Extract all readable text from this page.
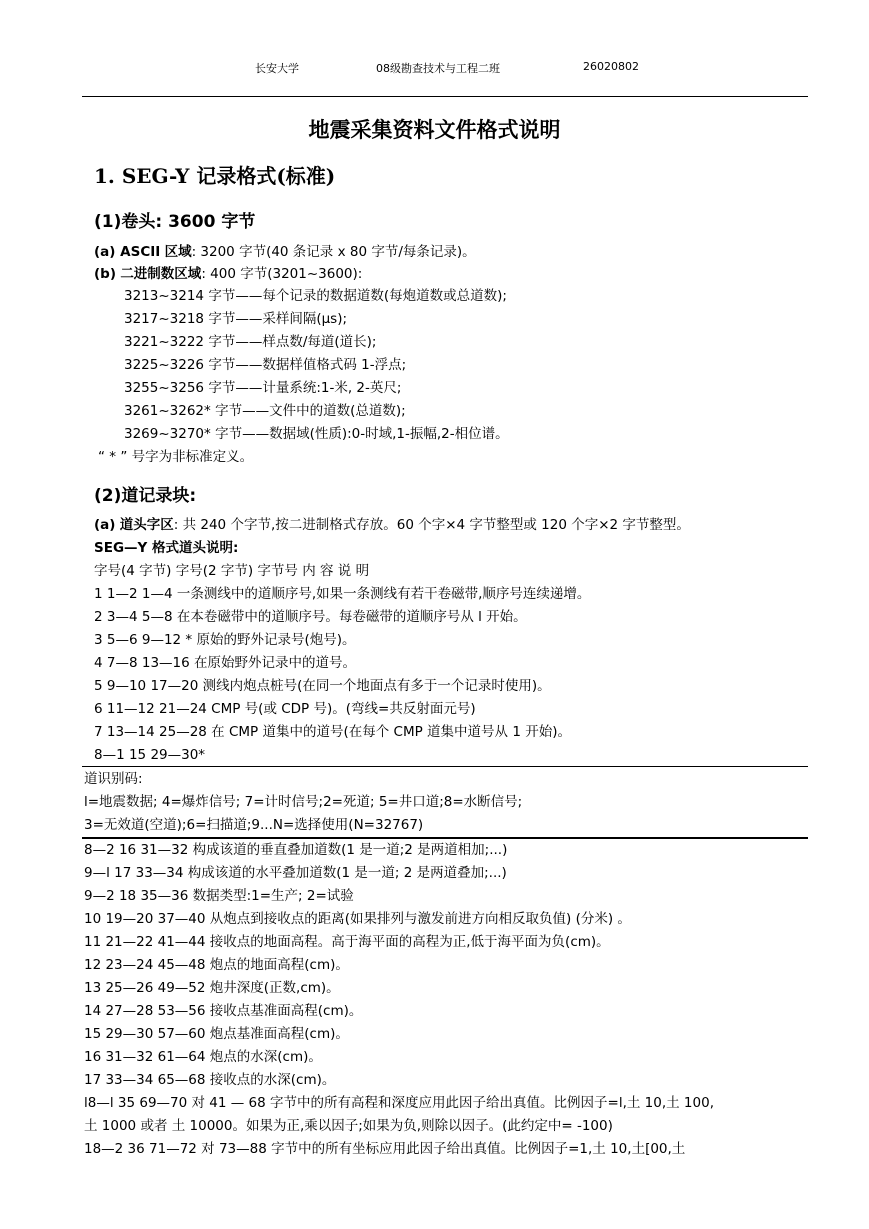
长安大学	08级勘查技术与工程二班	26020802
地震采集资料文件格式说明
1. SEG-Y 记录格式(标准)
(1)卷头: 3600 字节
(a) ASCII 区域: 3200 字节(40 条记录 x 80 字节/每条记录)。
(b) 二进制数区域: 400 字节(3201~3600):
3213~3214 字节——每个记录的数据道数(每炮道数或总道数);
3217~3218 字节——采样间隔(μs);
3221~3222 字节——样点数/每道(道长);
3225~3226 字节——数据样值格式码 1-浮点;
3255~3256 字节——计量系统:1-米, 2-英尺;
3261~3262* 字节——文件中的道数(总道数);
3269~3270* 字节——数据域(性质):0-时域,1-振幅,2-相位谱。
“ * ” 号字为非标准定义。
(2)道记录块:
(a) 道头字区: 共 240 个字节,按二进制格式存放。60 个字×4 字节整型或 120 个字×2 字节整型。
SEG—Y 格式道头说明:
字号(4 字节) 字号(2 字节) 字节号 内 容 说 明
1 1—2 1—4 一条测线中的道顺序号,如果一条测线有若干卷磁带,顺序号连续递增。
2 3—4 5—8 在本卷磁带中的道顺序号。每卷磁带的道顺序号从 l 开始。
3 5—6 9—12 * 原始的野外记录号(炮号)。
4 7—8 13—16 在原始野外记录中的道号。
5 9—10 17—20 测线内炮点桩号(在同一个地面点有多于一个记录时使用)。
6 11—12 21—24 CMP 号(或 CDP 号)。(弯线=共反射面元号)
7 13—14 25—28 在 CMP 道集中的道号(在每个 CMP 道集中道号从 1 开始)。
8—1 15 29—30*
道识别码:
l=地震数据; 4=爆炸信号; 7=计时信号;2=死道; 5=井口道;8=水断信号;
3=无效道(空道);6=扫描道;9...N=选择使用(N=32767)
8—2 16 31—32 构成该道的垂直叠加道数(1 是一道;2 是两道相加;...)
9—l 17 33—34 构成该道的水平叠加道数(1 是一道; 2 是两道叠加;...)
9—2 18 35—36 数据类型:1=生产; 2=试验
10 19—20 37—40 从炮点到接收点的距离(如果排列与激发前进方向相反取负值) (分米) 。
11 21—22 41—44 接收点的地面高程。高于海平面的高程为正,低于海平面为负(cm)。
12 23—24 45—48 炮点的地面高程(cm)。
13 25—26 49—52 炮井深度(正数,cm)。
14 27—28 53—56 接收点基准面高程(cm)。
15 29—30 57—60 炮点基准面高程(cm)。
16 31—32 61—64 炮点的水深(cm)。
17 33—34 65—68 接收点的水深(cm)。
l8—l 35 69—70 对 41 — 68 字节中的所有高程和深度应用此因子给出真值。比例因子=l,土 10,土 100,
土 1000 或者 土 10000。如果为正,乘以因子;如果为负,则除以因子。(此约定中= -100)
18—2 36 71—72 对 73—88 字节中的所有坐标应用此因子给出真值。比例因子=1,土 10,土[00,土
